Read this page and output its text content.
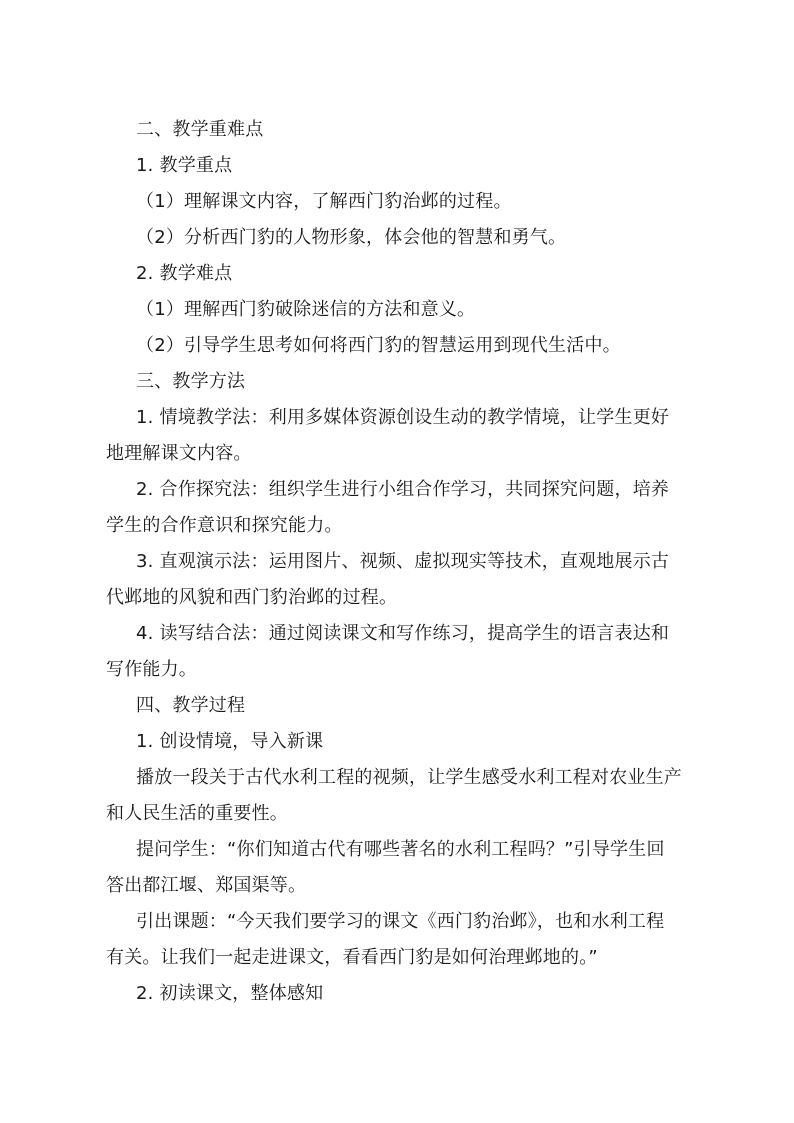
二、教学重难点
1. 教学重点
（1）理解课文内容，了解西门豹治邺的过程。
（2）分析西门豹的人物形象，体会他的智慧和勇气。
2. 教学难点
（1）理解西门豹破除迷信的方法和意义。
（2）引导学生思考如何将西门豹的智慧运用到现代生活中。
三、教学方法
1. 情境教学法：利用多媒体资源创设生动的教学情境，让学生更好
地理解课文内容。
2. 合作探究法：组织学生进行小组合作学习，共同探究问题，培养
学生的合作意识和探究能力。
3. 直观演示法：运用图片、视频、虚拟现实等技术，直观地展示古
代邺地的风貌和西门豹治邺的过程。
4. 读写结合法：通过阅读课文和写作练习，提高学生的语言表达和
写作能力。
四、教学过程
1. 创设情境，导入新课
播放一段关于古代水利工程的视频，让学生感受水利工程对农业生产
和人民生活的重要性。
提问学生：“你们知道古代有哪些著名的水利工程吗？”引导学生回
答出都江堰、郑国渠等。
引出课题：“今天我们要学习的课文《西门豹治邺》，也和水利工程
有关。让我们一起走进课文，看看西门豹是如何治理邺地的。”
2. 初读课文，整体感知
